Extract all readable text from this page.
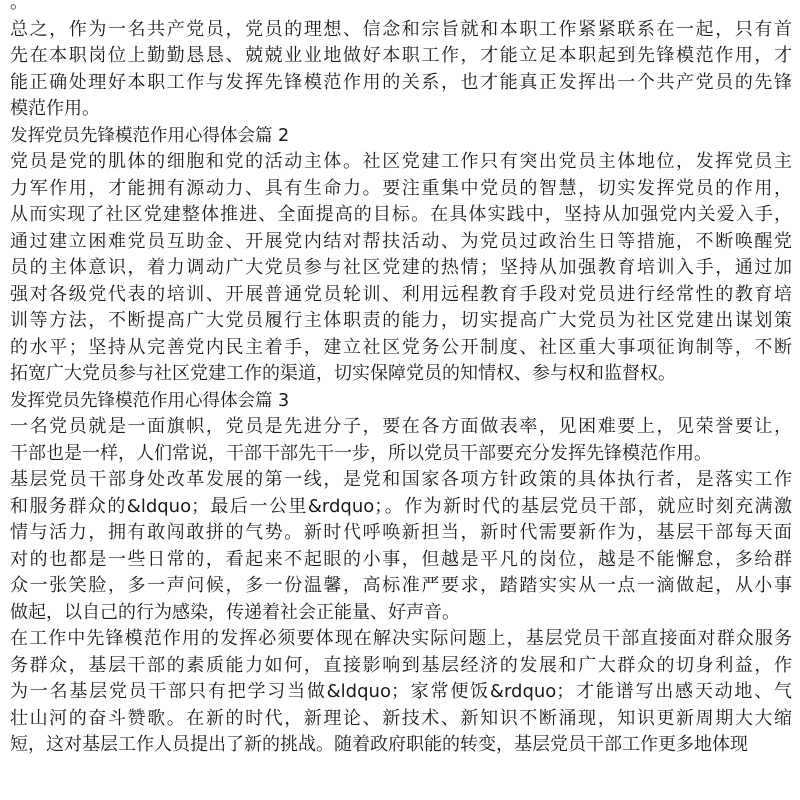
。
总之，作为一名共产党员，党员的理想、信念和宗旨就和本职工作紧紧联系在一起，只有首
先在本职岗位上勤勤恳恳、兢兢业业地做好本职工作，才能立足本职起到先锋模范作用，才
能正确处理好本职工作与发挥先锋模范作用的关系，也才能真正发挥出一个共产党员的先锋
模范作用。
发挥党员先锋模范作用心得体会篇 2
党员是党的肌体的细胞和党的活动主体。社区党建工作只有突出党员主体地位，发挥党员主
力军作用，才能拥有源动力、具有生命力。要注重集中党员的智慧，切实发挥党员的作用，
从而实现了社区党建整体推进、全面提高的目标。在具体实践中，坚持从加强党内关爱入手，
通过建立困难党员互助金、开展党内结对帮扶活动、为党员过政治生日等措施，不断唤醒党
员的主体意识，着力调动广大党员参与社区党建的热情；坚持从加强教育培训入手，通过加
强对各级党代表的培训、开展普通党员轮训、利用远程教育手段对党员进行经常性的教育培
训等方法，不断提高广大党员履行主体职责的能力，切实提高广大党员为社区党建出谋划策
的水平；坚持从完善党内民主着手，建立社区党务公开制度、社区重大事项征询制等，不断
拓宽广大党员参与社区党建工作的渠道，切实保障党员的知情权、参与权和监督权。
发挥党员先锋模范作用心得体会篇 3
一名党员就是一面旗帜，党员是先进分子，要在各方面做表率，见困难要上，见荣誉要让，
干部也是一样，人们常说，干部干部先干一步，所以党员干部要充分发挥先锋模范作用。
基层党员干部身处改革发展的第一线，是党和国家各项方针政策的具体执行者，是落实工作
和服务群众的&ldquo；最后一公里&rdquo；。作为新时代的基层党员干部，就应时刻充满激
情与活力，拥有敢闯敢拼的气势。新时代呼唤新担当，新时代需要新作为，基层干部每天面
对的也都是一些日常的，看起来不起眼的小事，但越是平凡的岗位，越是不能懈怠，多给群
众一张笑脸，多一声问候，多一份温馨，高标准严要求，踏踏实实从一点一滴做起，从小事
做起，以自己的行为感染，传递着社会正能量、好声音。
在工作中先锋模范作用的发挥必须要体现在解决实际问题上，基层党员干部直接面对群众服务
务群众，基层干部的素质能力如何，直接影响到基层经济的发展和广大群众的切身利益，作
为一名基层党员干部只有把学习当做&ldquo；家常便饭&rdquo；才能谱写出感天动地、气
壮山河的奋斗赞歌。在新的时代，新理论、新技术、新知识不断涌现，知识更新周期大大缩
短，这对基层工作人员提出了新的挑战。随着政府职能的转变，基层党员干部工作更多地体现
